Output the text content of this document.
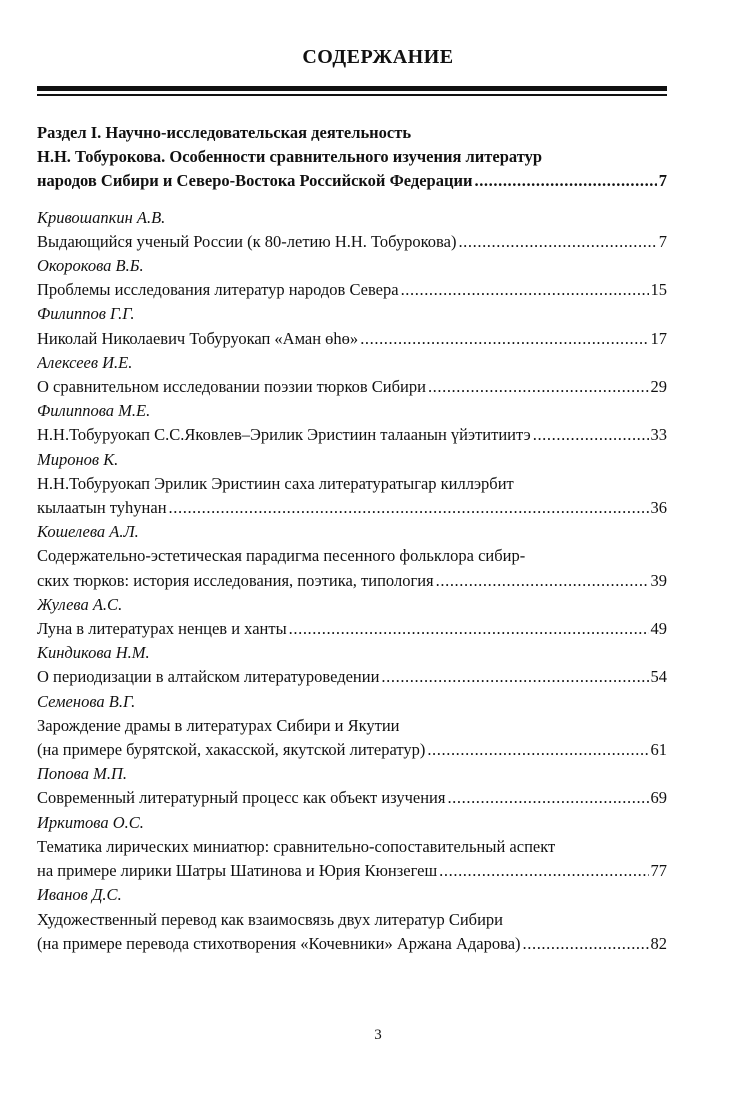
СОДЕРЖАНИЕ
Раздел I. Научно-исследовательская деятельность
Н.Н. Тобурокова. Особенности сравнительного изучения литератур
народов Сибири и Северо-Востока Российской Федерации .....	7
Кривошапкин А.В.
Выдающийся ученый России (к 80-летию Н.Н. Тобурокова) .....	7
Окорокова В.Б.
Проблемы исследования литератур народов Севера .....	15
Филиппов Г.Г.
Николай Николаевич Тобуруокап «Аман өһө» .....	17
Алексеев И.Е.
О сравнительном исследовании поэзии тюрков Сибири .....	29
Филиппова М.Е.
Н.Н.Тобуруокап С.С.Яковлев–Эрилик Эристиин талаанын үйэтитиитэ .....	33
Миронов К.
Н.Н.Тобуруокап Эрилик Эристиин саха литературатыгар киллэрбит
кылаатын туһунан .....	36
Кошелева А.Л.
Содержательно-эстетическая парадигма песенного фольклора сибир-
ских тюрков: история исследования, поэтика, типология .....	39
Жулева А.С.
Луна в литературах ненцев и ханты .....	49
Киндикова Н.М.
О периодизации в алтайском литературоведении .....	54
Семенова В.Г.
Зарождение драмы в литературах Сибири и Якутии
(на примере бурятской, хакасской, якутской литератур) .....	61
Попова М.П.
Современный литературный процесс как объект изучения .....	69
Иркитова О.С.
Тематика лирических миниатюр: сравнительно-сопоставительный аспект
на примере лирики Шатры Шатинова и Юрия Кюнзегеш .....	77
Иванов Д.С.
Художественный перевод как взаимосвязь двух литератур Сибири
(на примере перевода стихотворения «Кочевники» Аржана Адарова) .....	82
3
